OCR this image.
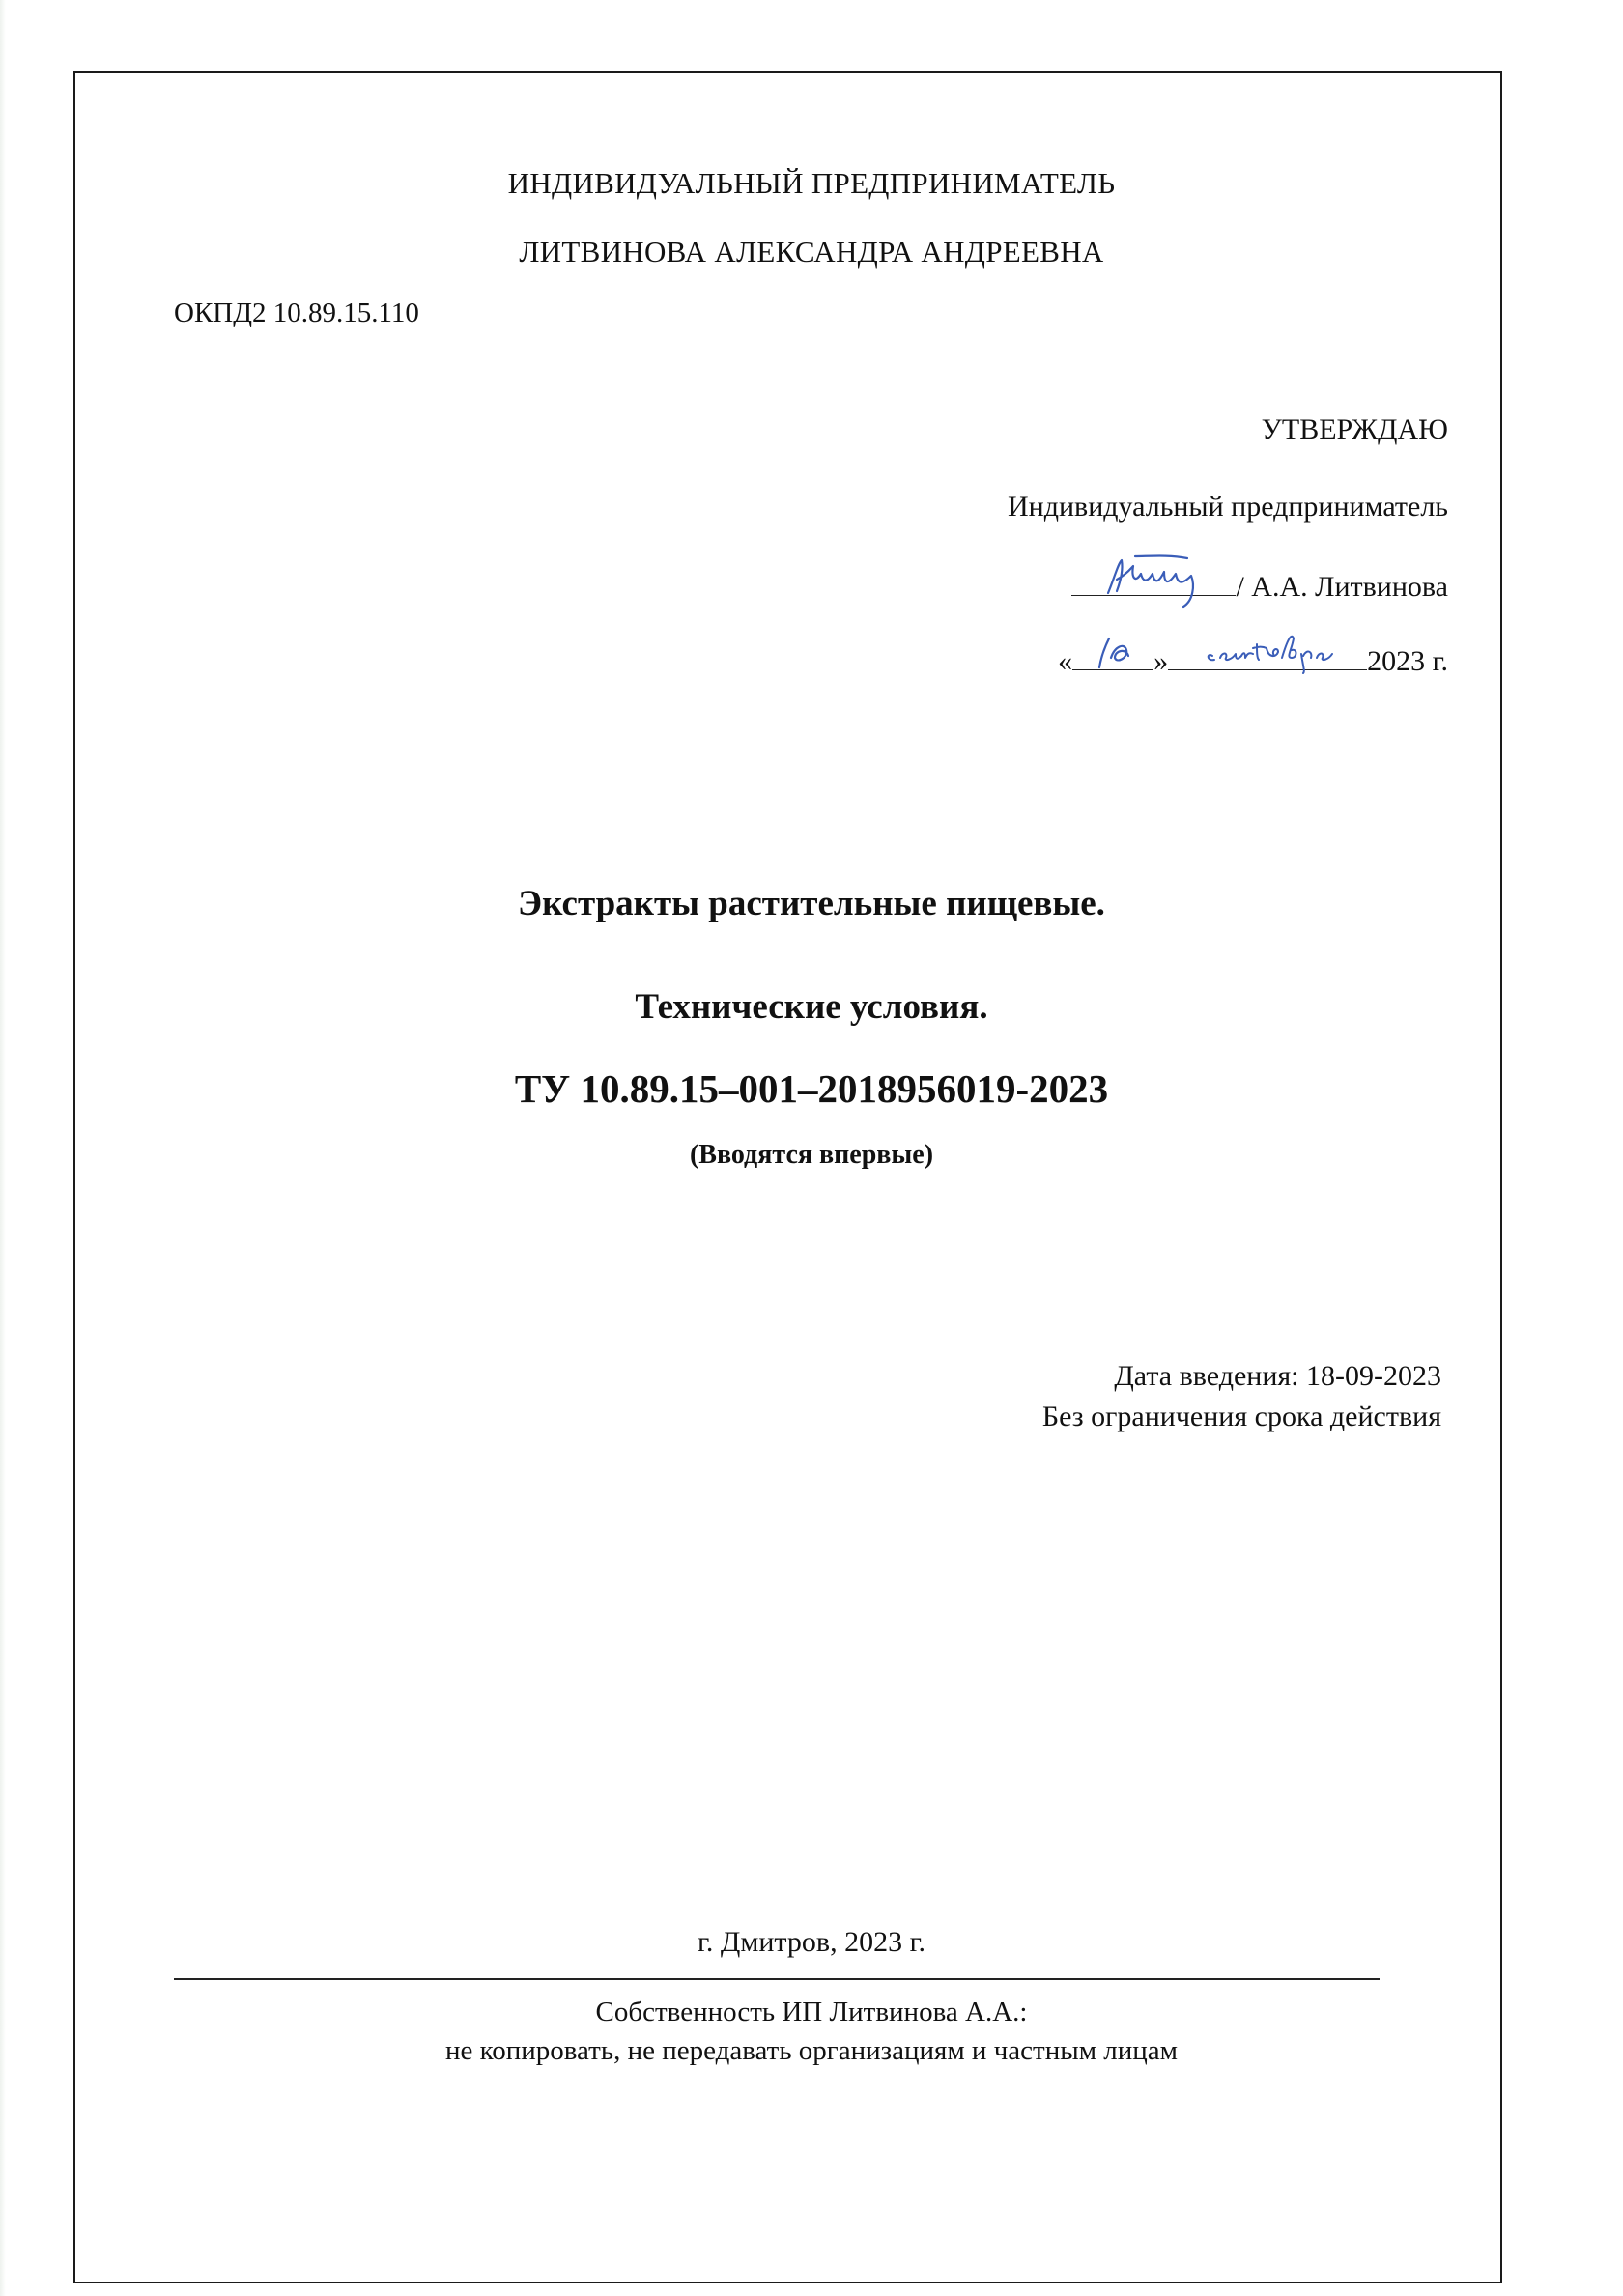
ИНДИВИДУАЛЬНЫЙ ПРЕДПРИНИМАТЕЛЬ
ЛИТВИНОВА АЛЕКСАНДРА АНДРЕЕВНА
ОКПД2 10.89.15.110
УТВЕРЖДАЮ
Индивидуальный предприниматель
/ А.А. Литвинова
«	»	2023 г.
Экстракты растительные пищевые.
Технические условия.
ТУ 10.89.15–001–2018956019-2023
(Вводятся впервые)
Дата введения: 18-09-2023
Без ограничения срока действия
г. Дмитров, 2023 г.
Собственность ИП Литвинова А.А.:
не копировать, не передавать организациям и частным лицам
